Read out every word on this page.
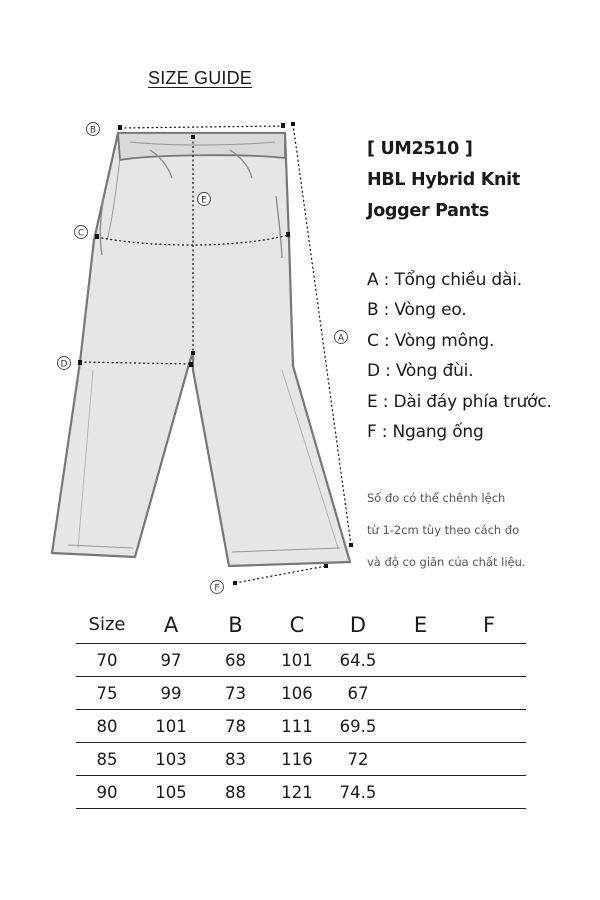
SIZE GUIDE
B
E
C
D
A
F
[ UM2510 ]
HBL Hybrid Knit
Jogger Pants
A : Tổng chiều dài.
B : Vòng eo.
C : Vòng mông.
D : Vòng đùi.
E : Dài đáy phía trước.
F : Ngang ống
Số đo có thể chênh lệch
từ 1-2cm tùy theo cách đo
và độ co giãn của chất liệu.
Size	A	B	C	D	E	F
70	97	68	101	64.5		
75	99	73	106	67		
80	101	78	111	69.5		
85	103	83	116	72		
90	105	88	121	74.5		
